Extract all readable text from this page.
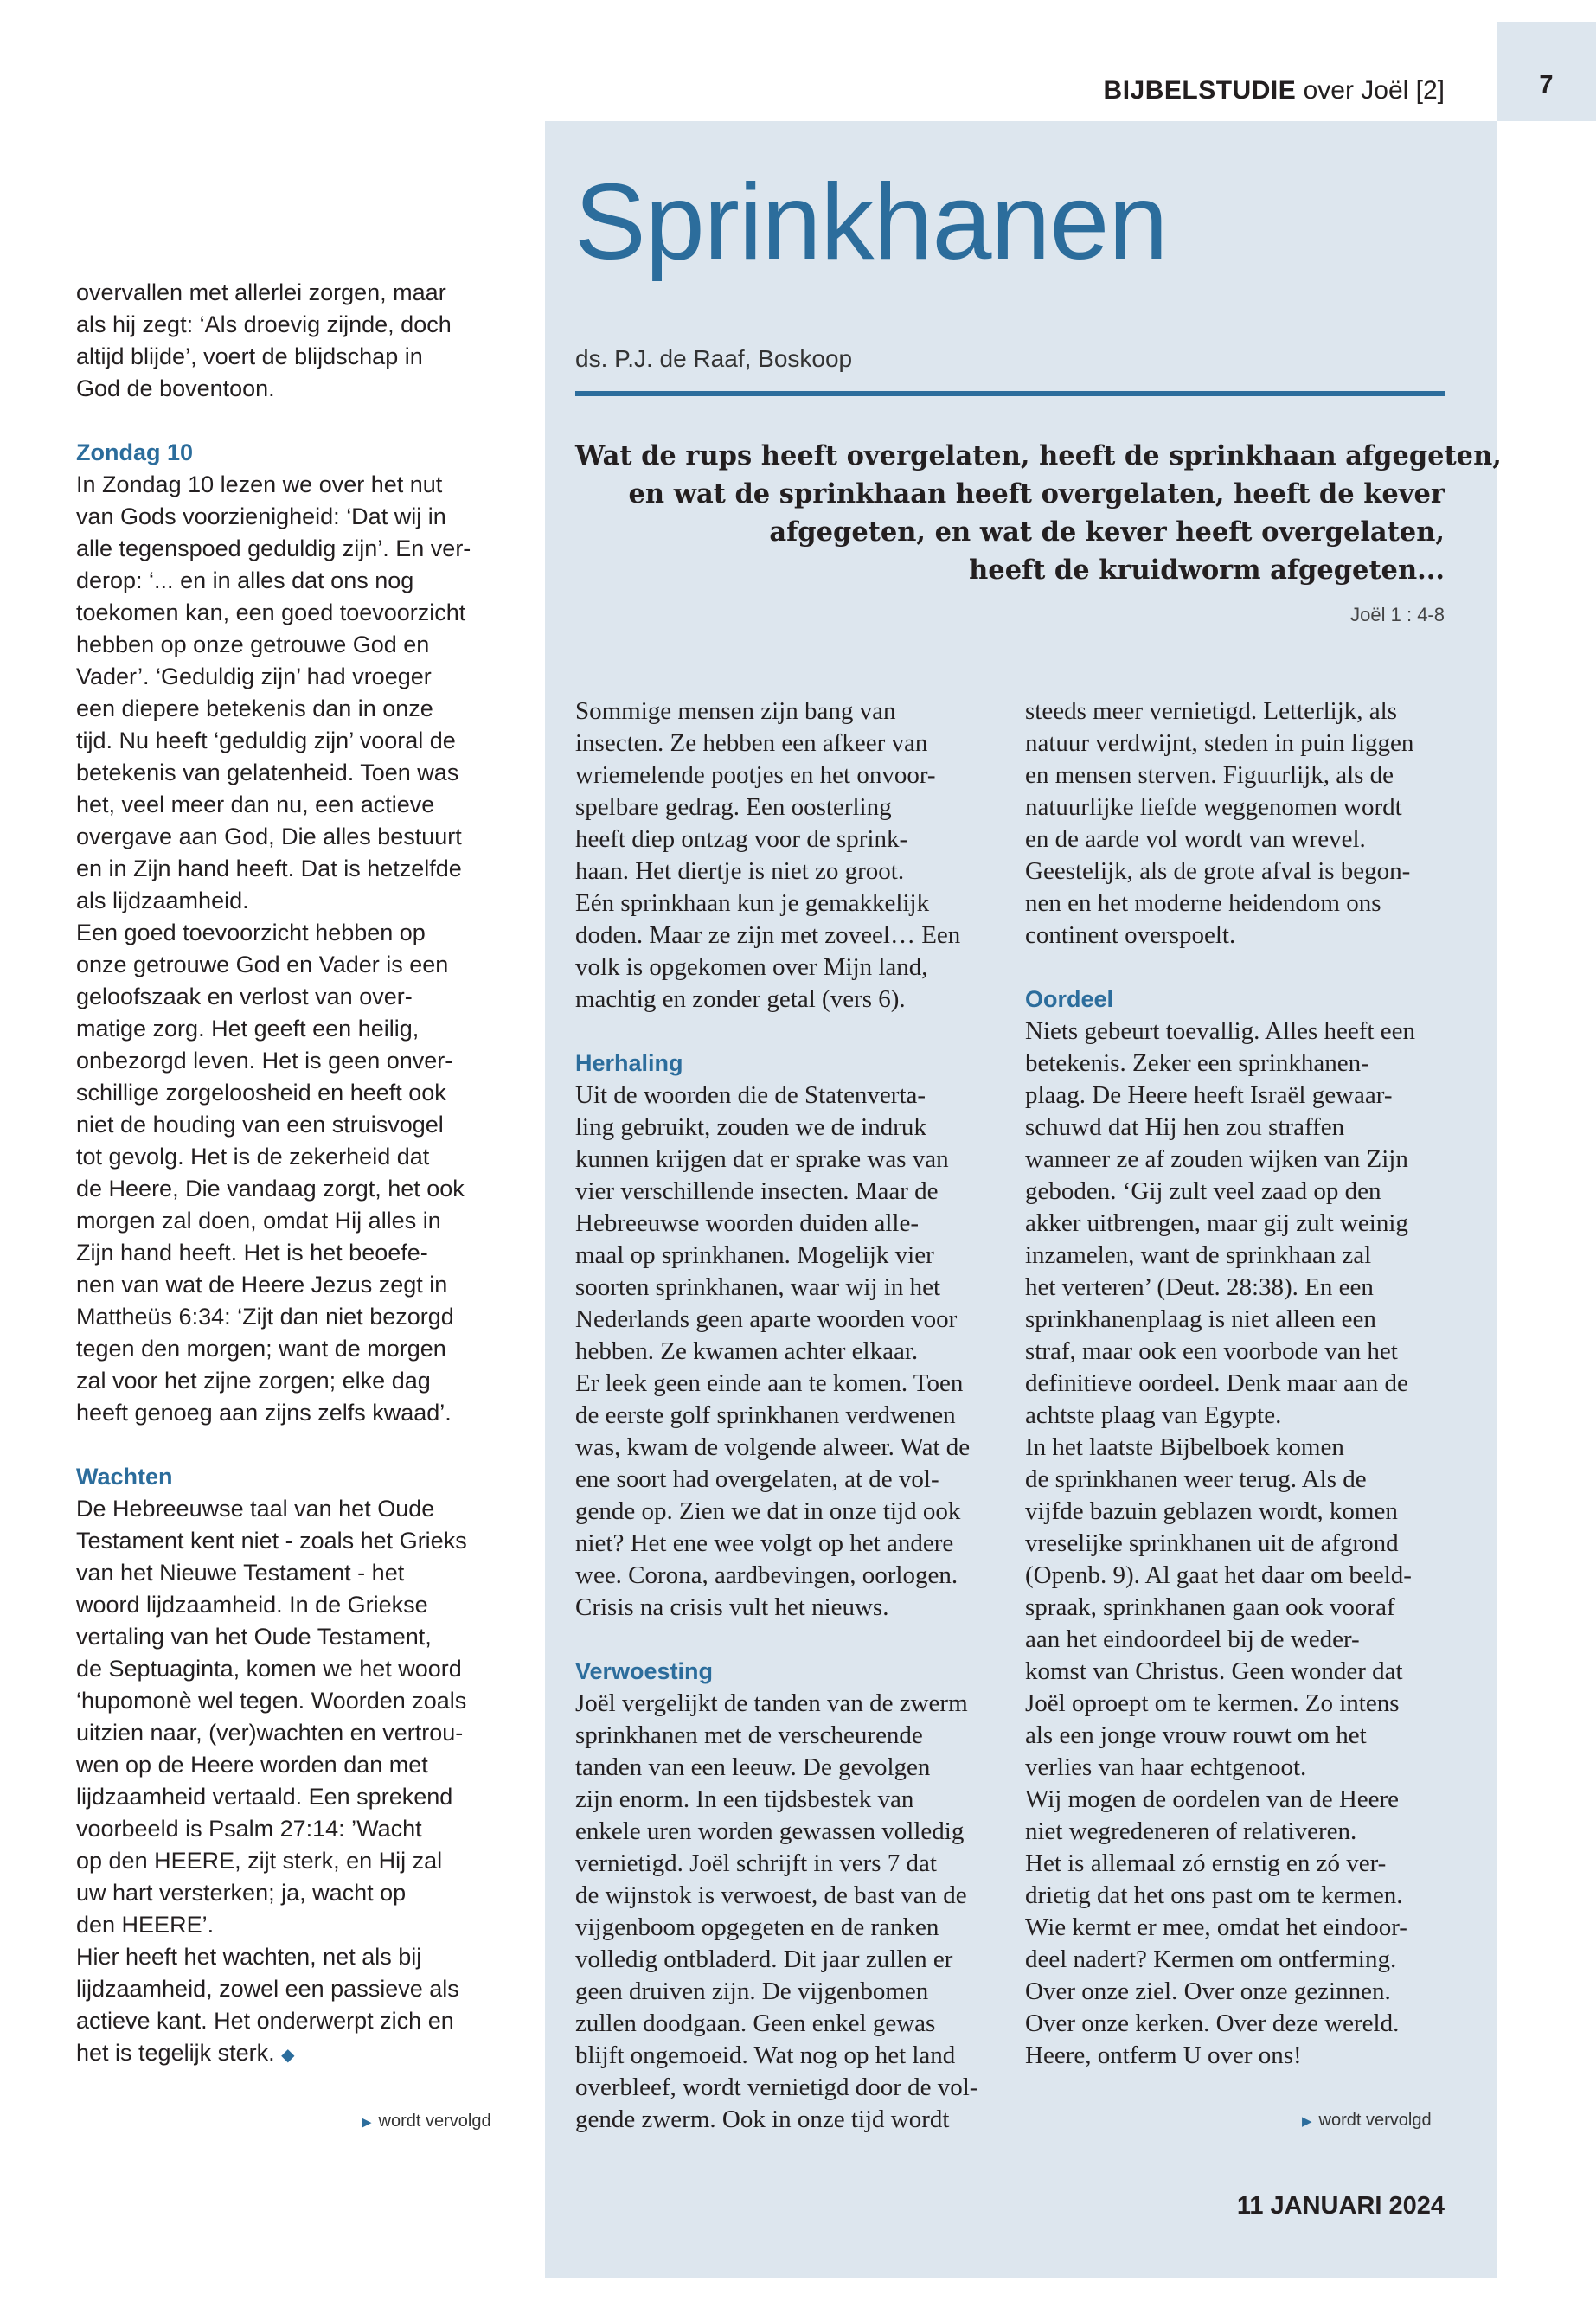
7
BIJBELSTUDIE over Joël [2]
Sprinkhanen
ds. P.J. de Raaf, Boskoop
Wat de rups heeft overgelaten, heeft de sprinkhaan afgegeten,
en wat de sprinkhaan heeft overgelaten, heeft de kever
afgegeten, en wat de kever heeft overgelaten,
heeft de kruidworm afgegeten...
Joël 1 : 4-8
overvallen met allerlei zorgen, maar
als hij zegt: ‘Als droevig zijnde, doch
altijd blijde’, voert de blijdschap in
God de boventoon.
Zondag 10
In Zondag 10 lezen we over het nut
van Gods voorzienigheid: ‘Dat wij in
alle tegenspoed geduldig zijn’. En ver-
derop: ‘... en in alles dat ons nog
toekomen kan, een goed toevoorzicht
hebben op onze getrouwe God en
Vader’. ‘Geduldig zijn’ had vroeger
een diepere betekenis dan in onze
tijd. Nu heeft ‘geduldig zijn’ vooral de
betekenis van gelatenheid. Toen was
het, veel meer dan nu, een actieve
overgave aan God, Die alles bestuurt
en in Zijn hand heeft. Dat is hetzelfde
als lijdzaamheid.
Een goed toevoorzicht hebben op
onze getrouwe God en Vader is een
geloofszaak en verlost van over-
matige zorg. Het geeft een heilig,
onbezorgd leven. Het is geen onver-
schillige zorgeloosheid en heeft ook
niet de houding van een struisvogel
tot gevolg. Het is de zekerheid dat
de Heere, Die vandaag zorgt, het ook
morgen zal doen, omdat Hij alles in
Zijn hand heeft. Het is het beoefe-
nen van wat de Heere Jezus zegt in
Mattheüs 6:34: ‘Zijt dan niet bezorgd
tegen den morgen; want de morgen
zal voor het zijne zorgen; elke dag
heeft genoeg aan zijns zelfs kwaad’.
Wachten
De Hebreeuwse taal van het Oude
Testament kent niet - zoals het Grieks
van het Nieuwe Testament - het
woord lijdzaamheid. In de Griekse
vertaling van het Oude Testament,
de Septuaginta, komen we het woord
‘hupomonè wel tegen. Woorden zoals
uitzien naar, (ver)wachten en vertrou-
wen op de Heere worden dan met
lijdzaamheid vertaald. Een sprekend
voorbeeld is Psalm 27:14: ’Wacht
op den HEERE, zijt sterk, en Hij zal
uw hart versterken; ja, wacht op
den HEERE’.
Hier heeft het wachten, net als bij
lijdzaamheid, zowel een passieve als
actieve kant. Het onderwerpt zich en
het is tegelijk sterk. ◆
Sommige mensen zijn bang van
insecten. Ze hebben een afkeer van
wriemelende pootjes en het onvoor-
spelbare gedrag. Een oosterling
heeft diep ontzag voor de sprink-
haan. Het diertje is niet zo groot.
Eén sprinkhaan kun je gemakkelijk
doden. Maar ze zijn met zoveel… Een
volk is opgekomen over Mijn land,
machtig en zonder getal (vers 6).
Herhaling
Uit de woorden die de Statenverta-
ling gebruikt, zouden we de indruk
kunnen krijgen dat er sprake was van
vier verschillende insecten. Maar de
Hebreeuwse woorden duiden alle-
maal op sprinkhanen. Mogelijk vier
soorten sprinkhanen, waar wij in het
Nederlands geen aparte woorden voor
hebben. Ze kwamen achter elkaar.
Er leek geen einde aan te komen. Toen
de eerste golf sprinkhanen verdwenen
was, kwam de volgende alweer. Wat de
ene soort had overgelaten, at de vol-
gende op. Zien we dat in onze tijd ook
niet? Het ene wee volgt op het andere
wee. Corona, aardbevingen, oorlogen.
Crisis na crisis vult het nieuws.
Verwoesting
Joël vergelijkt de tanden van de zwerm
sprinkhanen met de verscheurende
tanden van een leeuw. De gevolgen
zijn enorm. In een tijdsbestek van
enkele uren worden gewassen volledig
vernietigd. Joël schrijft in vers 7 dat
de wijnstok is verwoest, de bast van de
vijgenboom opgegeten en de ranken
volledig ontbladerd. Dit jaar zullen er
geen druiven zijn. De vijgenbomen
zullen doodgaan. Geen enkel gewas
blijft ongemoeid. Wat nog op het land
overbleef, wordt vernietigd door de vol-
gende zwerm. Ook in onze tijd wordt
steeds meer vernietigd. Letterlijk, als
natuur verdwijnt, steden in puin liggen
en mensen sterven. Figuurlijk, als de
natuurlijke liefde weggenomen wordt
en de aarde vol wordt van wrevel.
Geestelijk, als de grote afval is begon-
nen en het moderne heidendom ons
continent overspoelt.
Oordeel
Niets gebeurt toevallig. Alles heeft een
betekenis. Zeker een sprinkhanen-
plaag. De Heere heeft Israël gewaar-
schuwd dat Hij hen zou straffen
wanneer ze af zouden wijken van Zijn
geboden. ‘Gij zult veel zaad op den
akker uitbrengen, maar gij zult weinig
inzamelen, want de sprinkhaan zal
het verteren’ (Deut. 28:38). En een
sprinkhanenplaag is niet alleen een
straf, maar ook een voorbode van het
definitieve oordeel. Denk maar aan de
achtste plaag van Egypte.
In het laatste Bijbelboek komen
de sprinkhanen weer terug. Als de
vijfde bazuin geblazen wordt, komen
vreselijke sprinkhanen uit de afgrond
(Openb. 9). Al gaat het daar om beeld-
spraak, sprinkhanen gaan ook vooraf
aan het eindoordeel bij de weder-
komst van Christus. Geen wonder dat
Joël oproept om te kermen. Zo intens
als een jonge vrouw rouwt om het
verlies van haar echtgenoot.
Wij mogen de oordelen van de Heere
niet wegredeneren of relativeren.
Het is allemaal zó ernstig en zó ver-
drietig dat het ons past om te kermen.
Wie kermt er mee, omdat het eindoor-
deel nadert? Kermen om ontferming.
Over onze ziel. Over onze gezinnen.
Over onze kerken. Over deze wereld.
Heere, ontferm U over ons!
▶ wordt vervolgd	▶ wordt vervolgd
11 JANUARI 2024
